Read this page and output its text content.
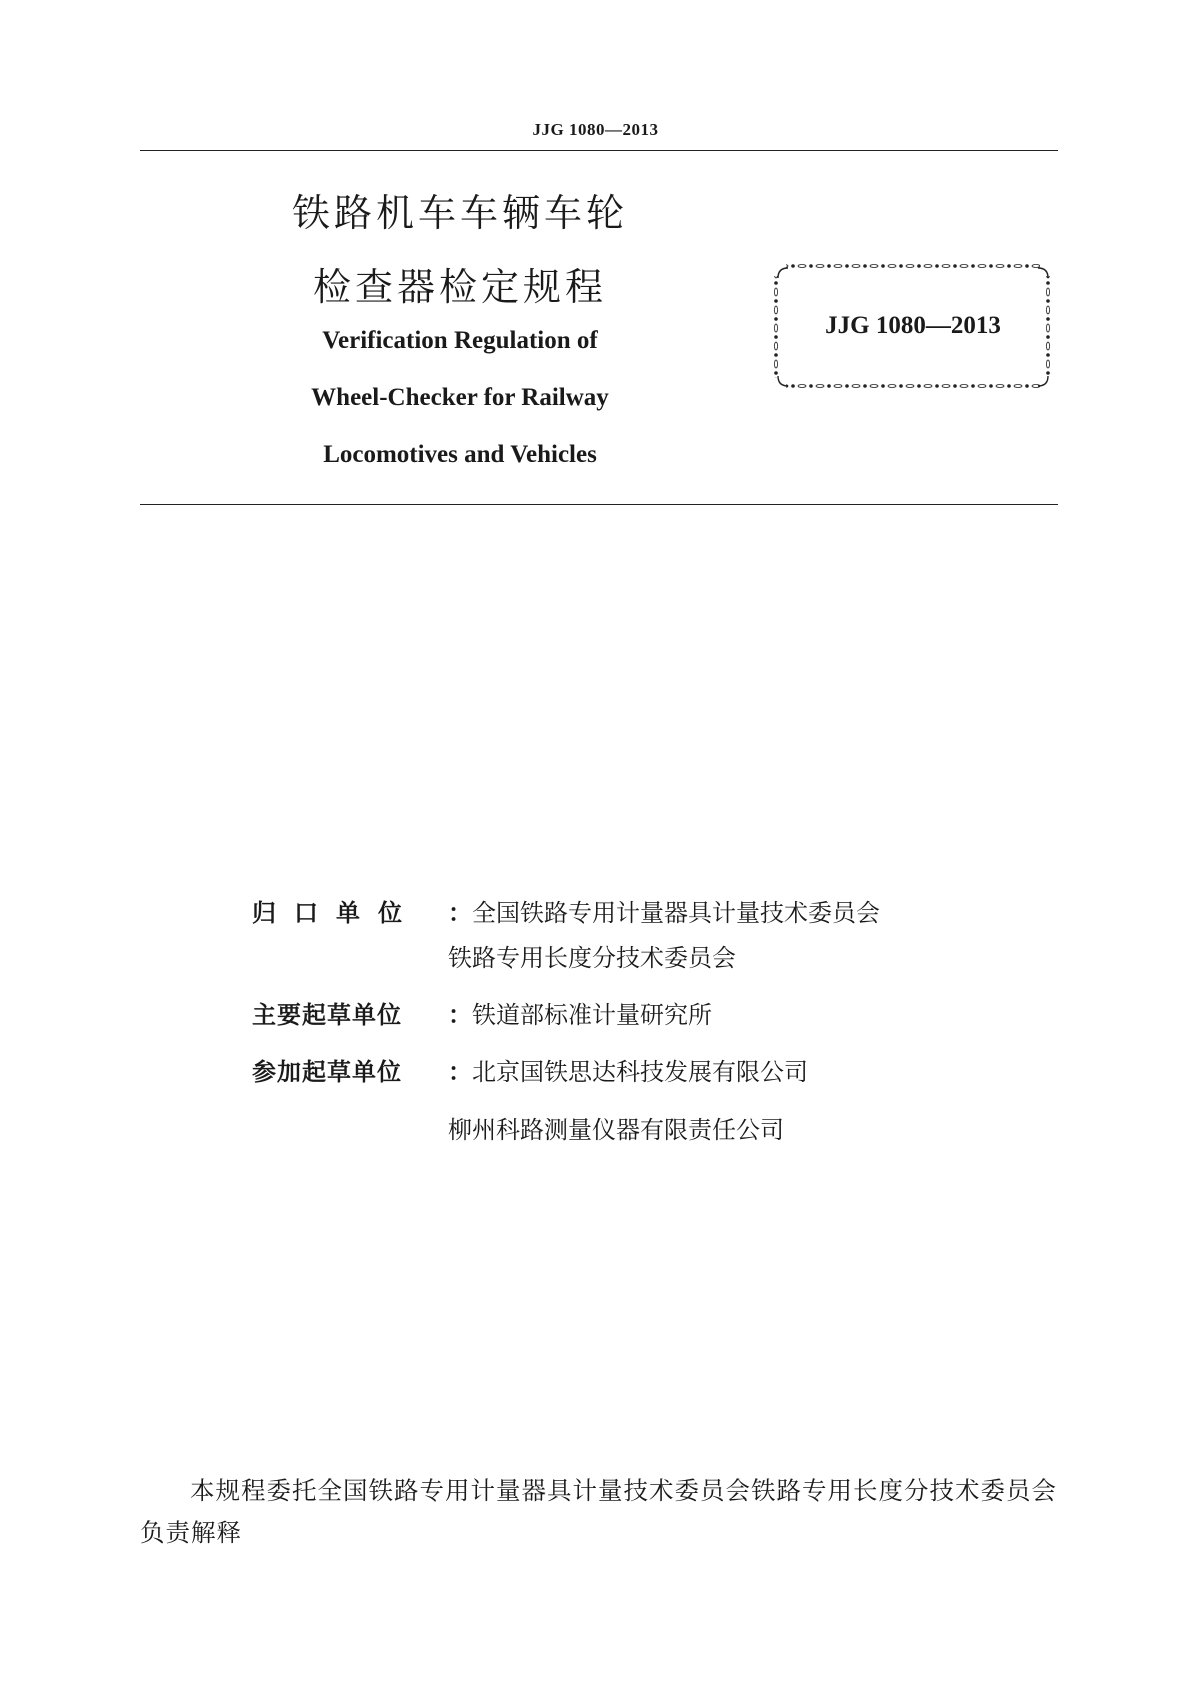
JJG 1080—2013
铁路机车车辆车轮
检查器检定规程
Verification Regulation of
Wheel-Checker for Railway
Locomotives and Vehicles
JJG 1080—2013
归口单位 ：全国铁路专用计量器具计量技术委员会
铁路专用长度分技术委员会
主要起草单位 ：铁道部标准计量研究所
参加起草单位 ：北京国铁思达科技发展有限公司
柳州科路测量仪器有限责任公司
本规程委托全国铁路专用计量器具计量技术委员会铁路专用长度分技术委员会负责解释
